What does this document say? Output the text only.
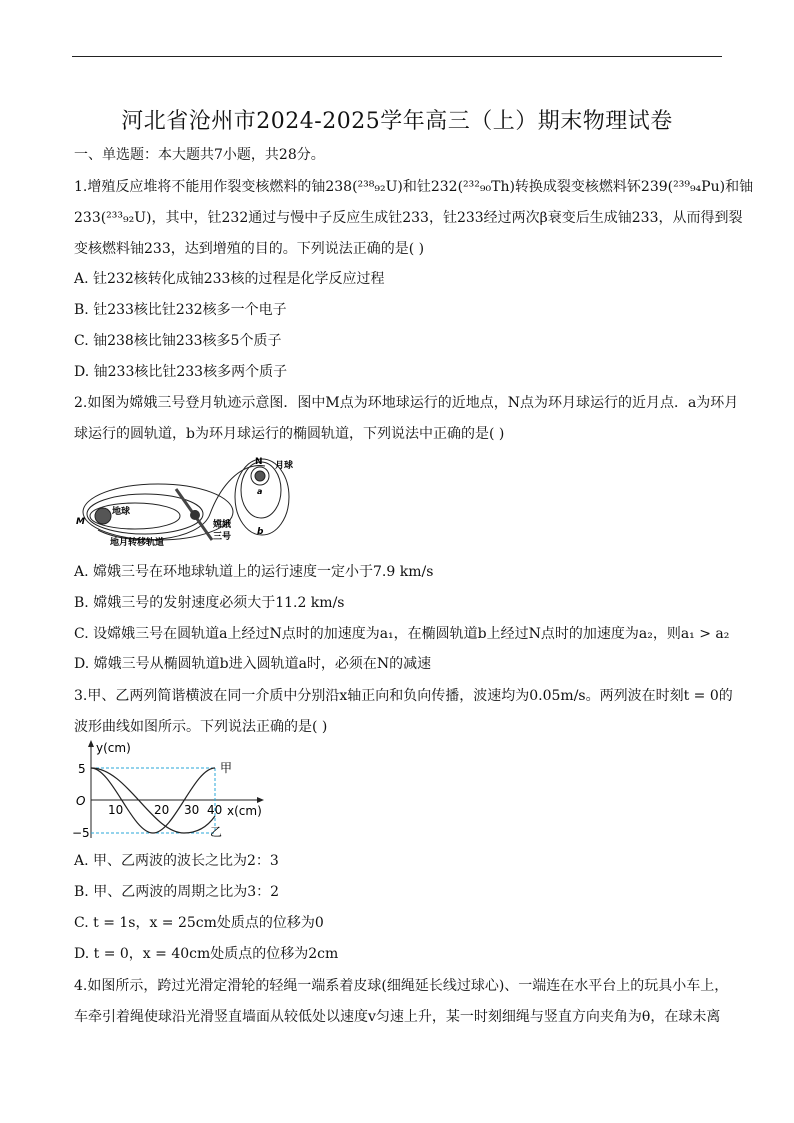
河北省沧州市2024-2025学年高三（上）期末物理试卷
一、单选题：本大题共7小题，共28分。
1.增殖反应堆将不能用作裂变核燃料的铀238(²³⁸₉₂U)和钍232(²³²₉₀Th)转换成裂变核燃料钚239(²³⁹₉₄Pu)和铀
233(²³³₉₂U)，其中，钍232通过与慢中子反应生成钍233，钍233经过两次β衰变后生成铀233，从而得到裂
变核燃料铀233，达到增殖的目的。下列说法正确的是( )
A. 钍232核转化成铀233核的过程是化学反应过程
B. 钍233核比钍232核多一个电子
C. 铀238核比铀233核多5个质子
D. 铀233核比钍233核多两个质子
2.如图为嫦娥三号登月轨迹示意图．图中M点为环地球运行的近地点，N点为环月球运行的近月点．a为环月
球运行的圆轨道，b为环月球运行的椭圆轨道，下列说法中正确的是( )
N 月球
a
M
地球
嫦娥
三号	b
地月转移轨道
A. 嫦娥三号在环地球轨道上的运行速度一定小于7.9 km/s
B. 嫦娥三号的发射速度必须大于11.2 km/s
C. 设嫦娥三号在圆轨道a上经过N点时的加速度为a₁，在椭圆轨道b上经过N点时的加速度为a₂，则a₁ > a₂
D. 嫦娥三号从椭圆轨道b进入圆轨道a时，必须在N的减速
3.甲、乙两列简谐横波在同一介质中分别沿x轴正向和负向传播，波速均为0.05m/s。两列波在时刻t = 0的
波形曲线如图所示。下列说法正确的是( )
y(cm)
x(cm)
O
5
−5
10	20 30 40
甲
乙
A. 甲、乙两波的波长之比为2：3
B. 甲、乙两波的周期之比为3：2
C. t = 1s，x = 25cm处质点的位移为0
D. t = 0，x = 40cm处质点的位移为2cm
4.如图所示，跨过光滑定滑轮的轻绳一端系着皮球(细绳延长线过球心)、一端连在水平台上的玩具小车上，
车牵引着绳使球沿光滑竖直墙面从较低处以速度v匀速上升，某一时刻细绳与竖直方向夹角为θ，在球未离
